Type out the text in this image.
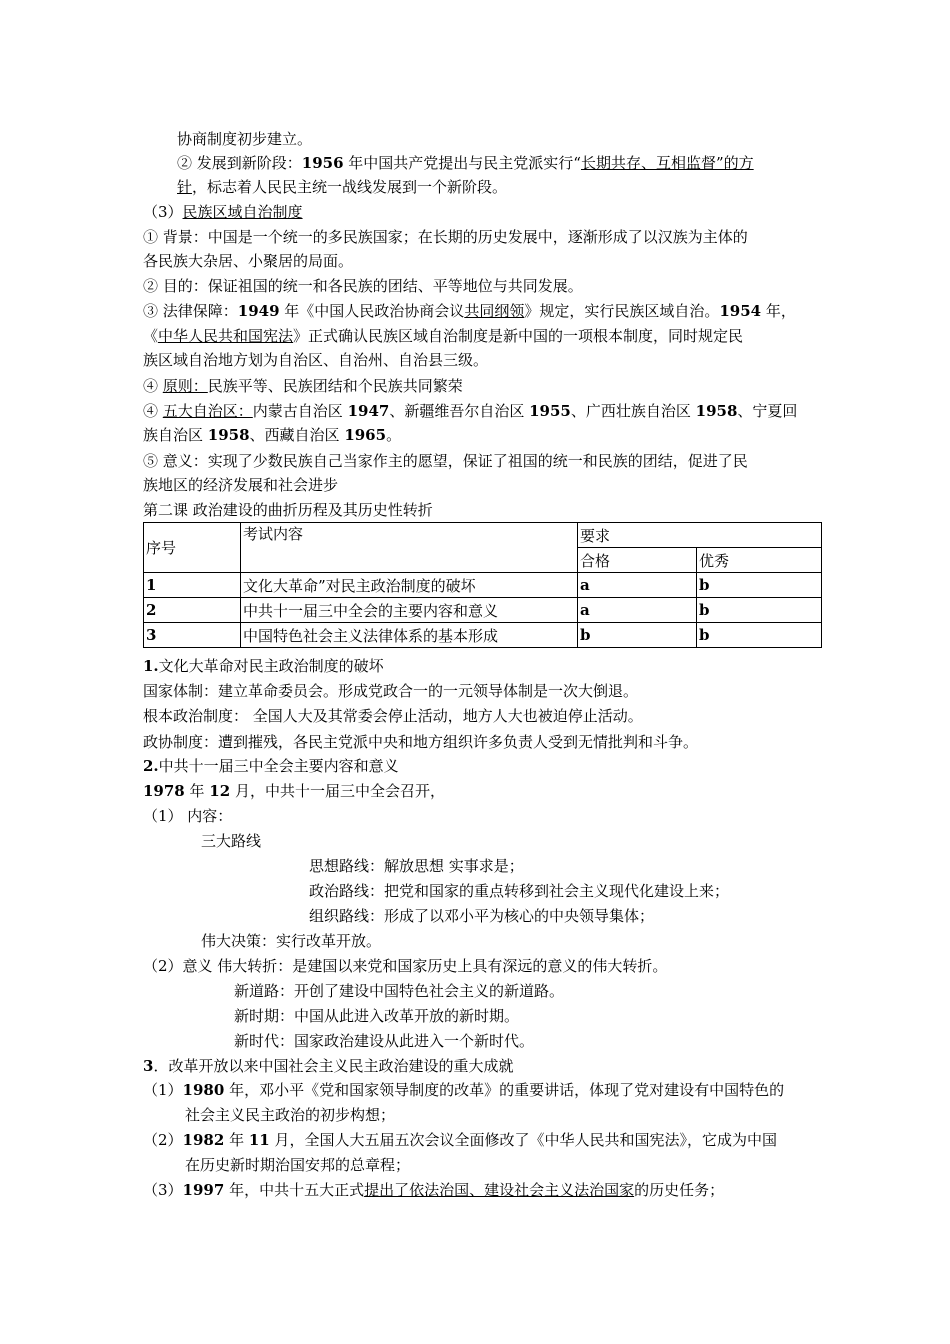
协商制度初步建立。
② 发展到新阶段：1956 年中国共产党提出与民主党派实行“长期共存、互相监督”的方
针，标志着人民民主统一战线发展到一个新阶段。
（3）民族区域自治制度
① 背景：中国是一个统一的多民族国家；在长期的历史发展中，逐渐形成了以汉族为主体的
各民族大杂居、小聚居的局面。
② 目的：保证祖国的统一和各民族的团结、平等地位与共同发展。
③ 法律保障：1949 年《中国人民政治协商会议共同纲领》规定，实行民族区域自治。1954 年，
《中华人民共和国宪法》正式确认民族区域自治制度是新中国的一项根本制度，同时规定民
族区域自治地方划为自治区、自治州、自治县三级。
④ 原则：民族平等、民族团结和个民族共同繁荣
④ 五大自治区：内蒙古自治区 1947、新疆维吾尔自治区 1955、广西壮族自治区 1958、宁夏回
族自治区 1958、西藏自治区 1965。
⑤ 意义：实现了少数民族自己当家作主的愿望，保证了祖国的统一和民族的团结，促进了民
族地区的经济发展和社会进步
第二课 政治建设的曲折历程及其历史性转折
序号	考试内容	要求	
		合格	优秀
1	文化大革命”对民主政治制度的破坏	a	b
2	中共十一届三中全会的主要内容和意义	a	b
3	中国特色社会主义法律体系的基本形成	b	b
1.文化大革命对民主政治制度的破坏
国家体制：建立革命委员会。形成党政合一的一元领导体制是一次大倒退。
根本政治制度： 全国人大及其常委会停止活动，地方人大也被迫停止活动。
政协制度：遭到摧残，各民主党派中央和地方组织许多负责人受到无情批判和斗争。
2.中共十一届三中全会主要内容和意义
1978 年 12 月，中共十一届三中全会召开，
（1） 内容：
三大路线
思想路线：解放思想 实事求是；
政治路线：把党和国家的重点转移到社会主义现代化建设上来；
组织路线：形成了以邓小平为核心的中央领导集体；
伟大决策：实行改革开放。
（2）意义 伟大转折：是建国以来党和国家历史上具有深远的意义的伟大转折。
新道路：开创了建设中国特色社会主义的新道路。
新时期：中国从此进入改革开放的新时期。
新时代：国家政治建设从此进入一个新时代。
3．改革开放以来中国社会主义民主政治建设的重大成就
（1）1980 年，邓小平《党和国家领导制度的改革》的重要讲话，体现了党对建设有中国特色的
社会主义民主政治的初步构想；
（2）1982 年 11 月，全国人大五届五次会议全面修改了《中华人民共和国宪法》，它成为中国
在历史新时期治国安邦的总章程；
（3）1997 年，中共十五大正式提出了依法治国、建设社会主义法治国家的历史任务；
